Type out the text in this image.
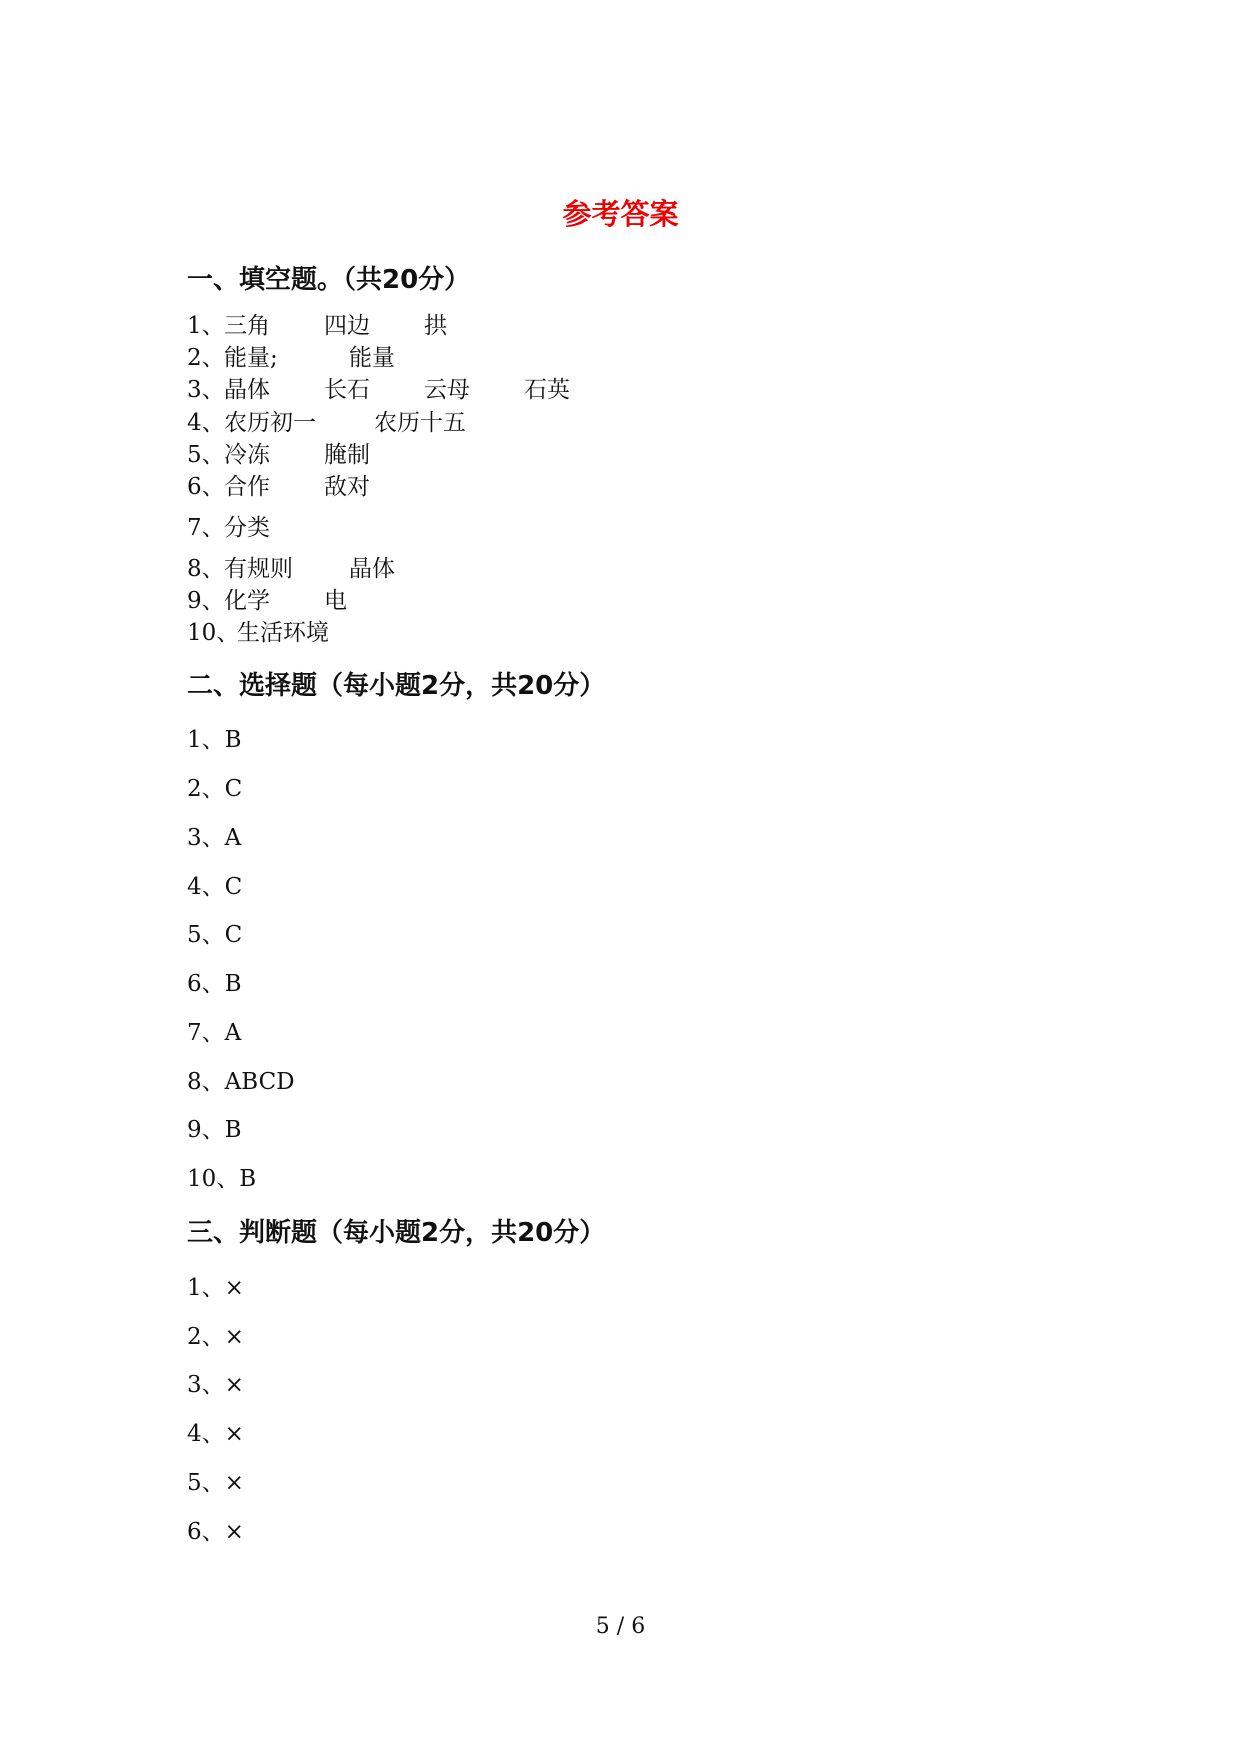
参考答案
一、填空题。（共20分）
1、 三角 四边 拱
2、 能量;	能量
3、 晶体 长石 云母 石英
4、 农历初一	农历十五
5、 冷冻 腌制
6、 合作 敌对
7、 分类
8、 有规则 晶体
9、 化学 电
10、
生活环境
二、选择题（每小题2分，共20分）
1、B
2、C
3、A
4、C
5、C
6、B
7、A
8、ABCD
9、B
10、B
三、判断题（每小题2分，共20分）
1、×
2、×
3、×
4、×
5、×
6、×
5 / 6
